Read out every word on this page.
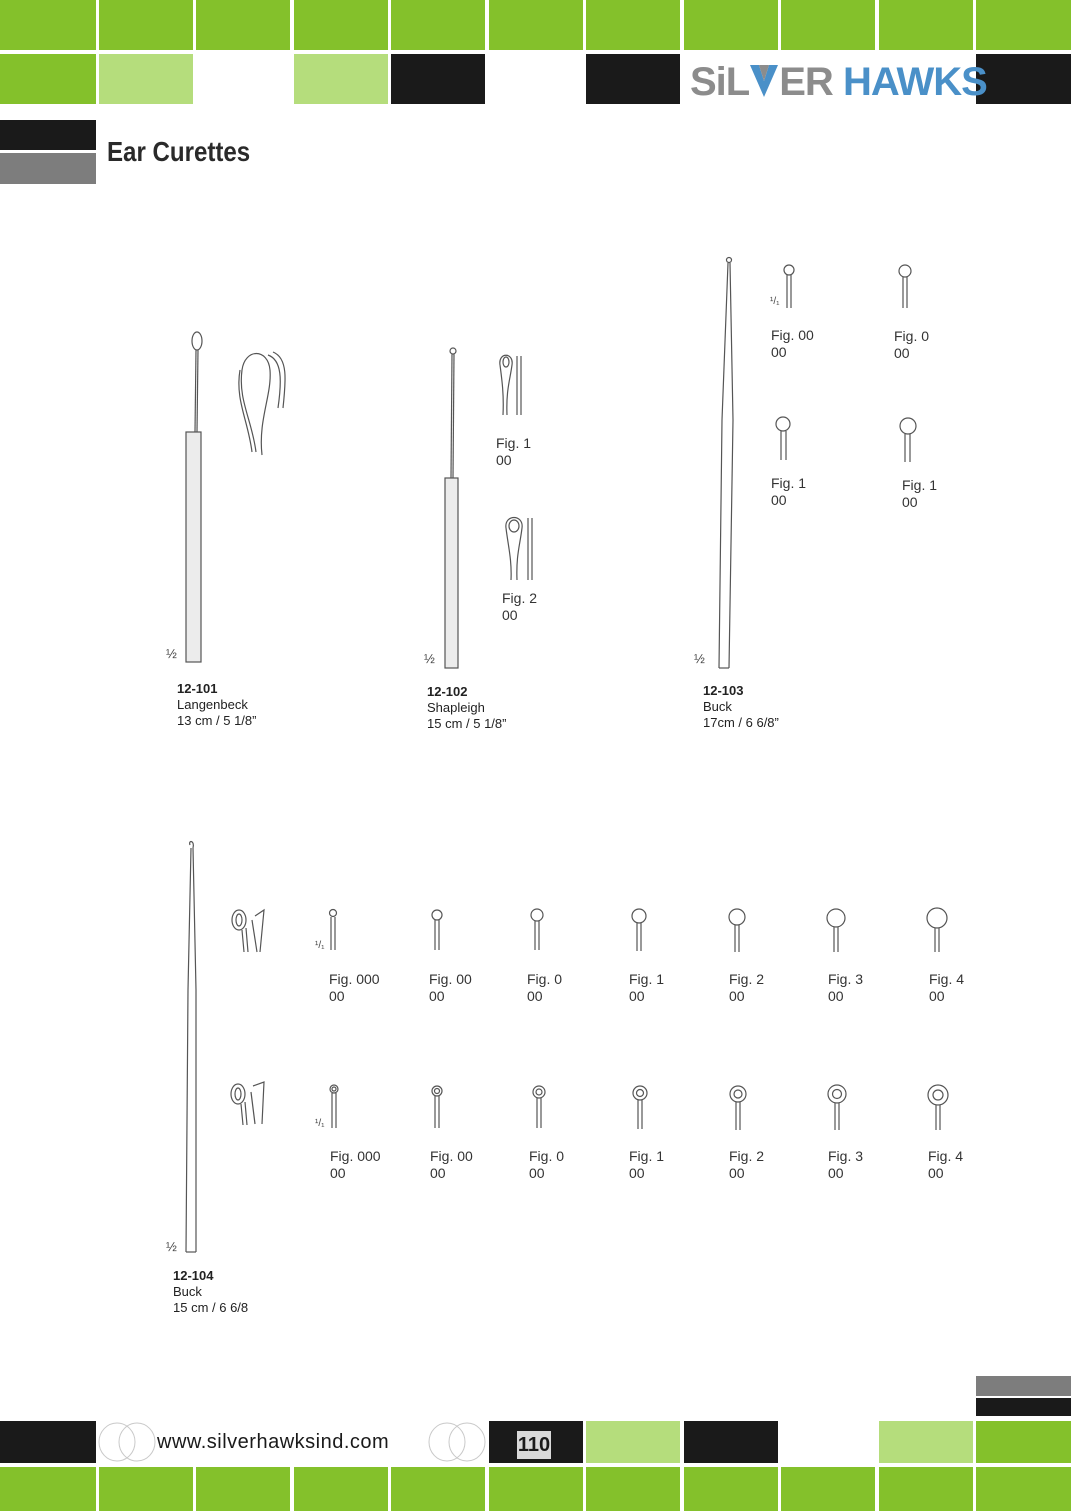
SiL ER HAWKS
Ear Curettes
½	½	½
½
¹/₁
¹/₁
¹/₁
12-101
Langenbeck
13 cm / 5 1/8”
12-102
Shapleigh
15 cm / 5 1/8”
12-103
Buck
17cm / 6 6/8”
12-104
Buck
15 cm / 6 6/8
Fig. 1
00
Fig. 2
00
Fig. 00
00
Fig. 0
00
Fig. 1
00
Fig. 1
00
Fig. 000
00
Fig. 00
00
Fig. 0
00
Fig. 1
00
Fig. 2
00
Fig. 3
00
Fig. 4
00
Fig. 000
00
Fig. 00
00
Fig. 0
00
Fig. 1
00
Fig. 2
00
Fig. 3
00
Fig. 4
00
www.silverhawksind.com	110
